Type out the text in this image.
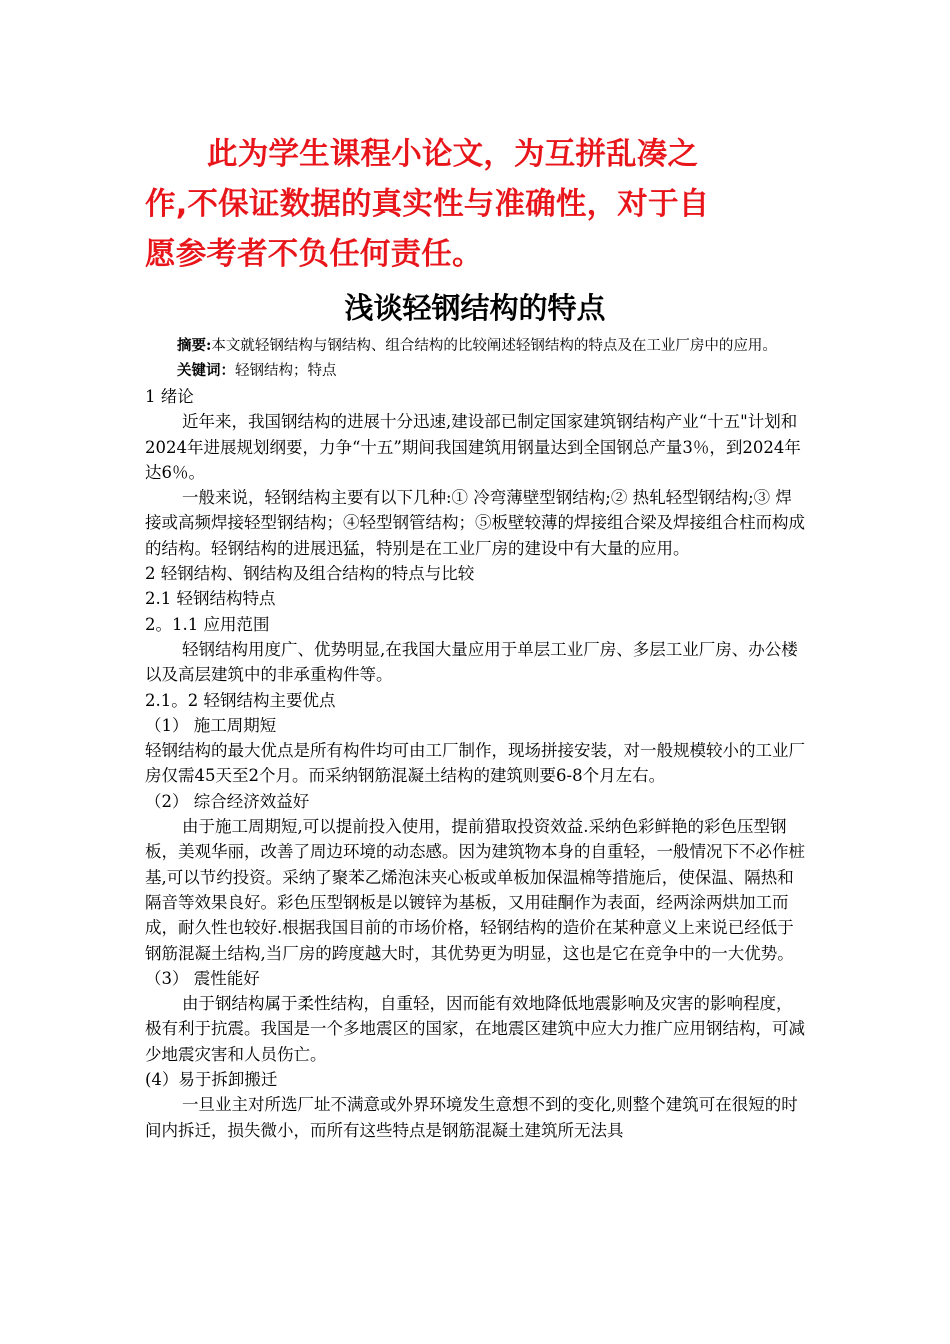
此为学生课程小论文，为互拼乱凑之
作,不保证数据的真实性与准确性，对于自
愿参考者不负任何责任。
浅谈轻钢结构的特点

摘要:本文就轻钢结构与钢结构、组合结构的比较阐述轻钢结构的特点及在工业厂房中的应用。

关键词：轻钢结构；特点

1 绪论

近年来，我国钢结构的进展十分迅速,建设部已制定国家建筑钢结构产业“十五"计划和2024年进展规划纲要，力争“十五”期间我国建筑用钢量达到全国钢总产量3％，到2024年达6％。

一般来说，轻钢结构主要有以下几种:① 冷弯薄壁型钢结构;② 热轧轻型钢结构;③ 焊接或高频焊接轻型钢结构；④轻型钢管结构；⑤板壁较薄的焊接组合梁及焊接组合柱而构成的结构。轻钢结构的进展迅猛，特别是在工业厂房的建设中有大量的应用。

2 轻钢结构、钢结构及组合结构的特点与比较

2.1 轻钢结构特点

2。1.1 应用范围

轻钢结构用度广、优势明显,在我国大量应用于单层工业厂房、多层工业厂房、办公楼以及高层建筑中的非承重构件等。

2.1。2 轻钢结构主要优点

（1） 施工周期短

轻钢结构的最大优点是所有构件均可由工厂制作，现场拼接安装，对一般规模较小的工业厂房仅需45天至2个月。而采纳钢筋混凝土结构的建筑则要6-8个月左右。

（2） 综合经济效益好

由于施工周期短,可以提前投入使用，提前猎取投资效益.采纳色彩鲜艳的彩色压型钢板，美观华丽，改善了周边环境的动态感。因为建筑物本身的自重轻，一般情况下不必作桩基,可以节约投资。采纳了聚苯乙烯泡沫夹心板或单板加保温棉等措施后，使保温、隔热和隔音等效果良好。彩色压型钢板是以镀锌为基板，又用硅酮作为表面，经两涂两烘加工而成，耐久性也较好.根据我国目前的市场价格，轻钢结构的造价在某种意义上来说已经低于钢筋混凝土结构,当厂房的跨度越大时，其优势更为明显，这也是它在竞争中的一大优势。

（3） 震性能好

由于钢结构属于柔性结构，自重轻，因而能有效地降低地震影响及灾害的影响程度，极有利于抗震。我国是一个多地震区的国家，在地震区建筑中应大力推广应用钢结构，可减少地震灾害和人员伤亡。

(4）易于拆卸搬迁

一旦业主对所选厂址不满意或外界环境发生意想不到的变化,则整个建筑可在很短的时间内拆迁，损失微小，而所有这些特点是钢筋混凝土建筑所无法具
